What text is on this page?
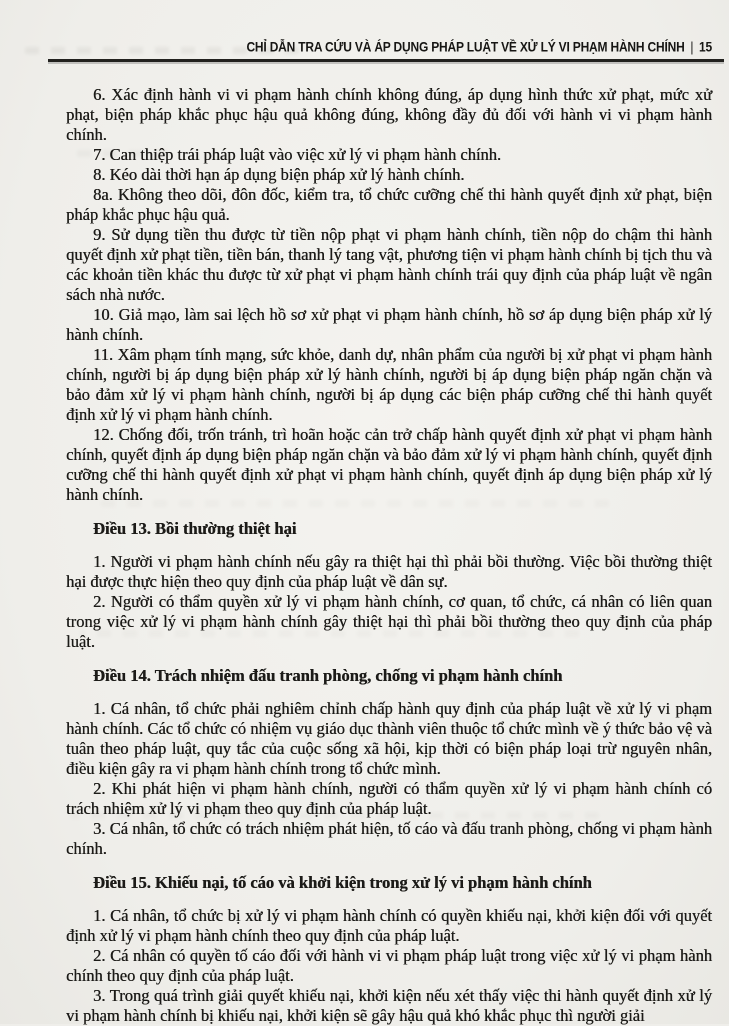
CHỈ DẪN TRA CỨU VÀ ÁP DỤNG PHÁP LUẬT VỀ XỬ LÝ VI PHẠM HÀNH CHÍNH | 15

6. Xác định hành vi vi phạm hành chính không đúng, áp dụng hình thức xử phạt, mức xử phạt, biện pháp khắc phục hậu quả không đúng, không đầy đủ đối với hành vi vi phạm hành chính.

7. Can thiệp trái pháp luật vào việc xử lý vi phạm hành chính.

8. Kéo dài thời hạn áp dụng biện pháp xử lý hành chính.

8a. Không theo dõi, đôn đốc, kiểm tra, tổ chức cưỡng chế thi hành quyết định xử phạt, biện pháp khắc phục hậu quả.

9. Sử dụng tiền thu được từ tiền nộp phạt vi phạm hành chính, tiền nộp do chậm thi hành quyết định xử phạt tiền, tiền bán, thanh lý tang vật, phương tiện vi phạm hành chính bị tịch thu và các khoản tiền khác thu được từ xử phạt vi phạm hành chính trái quy định của pháp luật về ngân sách nhà nước.

10. Giả mạo, làm sai lệch hồ sơ xử phạt vi phạm hành chính, hồ sơ áp dụng biện pháp xử lý hành chính.

11. Xâm phạm tính mạng, sức khỏe, danh dự, nhân phẩm của người bị xử phạt vi phạm hành chính, người bị áp dụng biện pháp xử lý hành chính, người bị áp dụng biện pháp ngăn chặn và bảo đảm xử lý vi phạm hành chính, người bị áp dụng các biện pháp cưỡng chế thi hành quyết định xử lý vi phạm hành chính.

12. Chống đối, trốn tránh, trì hoãn hoặc cản trở chấp hành quyết định xử phạt vi phạm hành chính, quyết định áp dụng biện pháp ngăn chặn và bảo đảm xử lý vi phạm hành chính, quyết định cưỡng chế thi hành quyết định xử phạt vi phạm hành chính, quyết định áp dụng biện pháp xử lý hành chính.

Điều 13. Bồi thường thiệt hại

1. Người vi phạm hành chính nếu gây ra thiệt hại thì phải bồi thường. Việc bồi thường thiệt hại được thực hiện theo quy định của pháp luật về dân sự.

2. Người có thẩm quyền xử lý vi phạm hành chính, cơ quan, tổ chức, cá nhân có liên quan trong việc xử lý vi phạm hành chính gây thiệt hại thì phải bồi thường theo quy định của pháp luật.

Điều 14. Trách nhiệm đấu tranh phòng, chống vi phạm hành chính

1. Cá nhân, tổ chức phải nghiêm chỉnh chấp hành quy định của pháp luật về xử lý vi phạm hành chính. Các tổ chức có nhiệm vụ giáo dục thành viên thuộc tổ chức mình về ý thức bảo vệ và tuân theo pháp luật, quy tắc của cuộc sống xã hội, kịp thời có biện pháp loại trừ nguyên nhân, điều kiện gây ra vi phạm hành chính trong tổ chức mình.

2. Khi phát hiện vi phạm hành chính, người có thẩm quyền xử lý vi phạm hành chính có trách nhiệm xử lý vi phạm theo quy định của pháp luật.

3. Cá nhân, tổ chức có trách nhiệm phát hiện, tố cáo và đấu tranh phòng, chống vi phạm hành chính.

Điều 15. Khiếu nại, tố cáo và khởi kiện trong xử lý vi phạm hành chính

1. Cá nhân, tổ chức bị xử lý vi phạm hành chính có quyền khiếu nại, khởi kiện đối với quyết định xử lý vi phạm hành chính theo quy định của pháp luật.

2. Cá nhân có quyền tố cáo đối với hành vi vi phạm pháp luật trong việc xử lý vi phạm hành chính theo quy định của pháp luật.

3. Trong quá trình giải quyết khiếu nại, khởi kiện nếu xét thấy việc thi hành quyết định xử lý vi phạm hành chính bị khiếu nại, khởi kiện sẽ gây hậu quả khó khắc phục thì người giải
